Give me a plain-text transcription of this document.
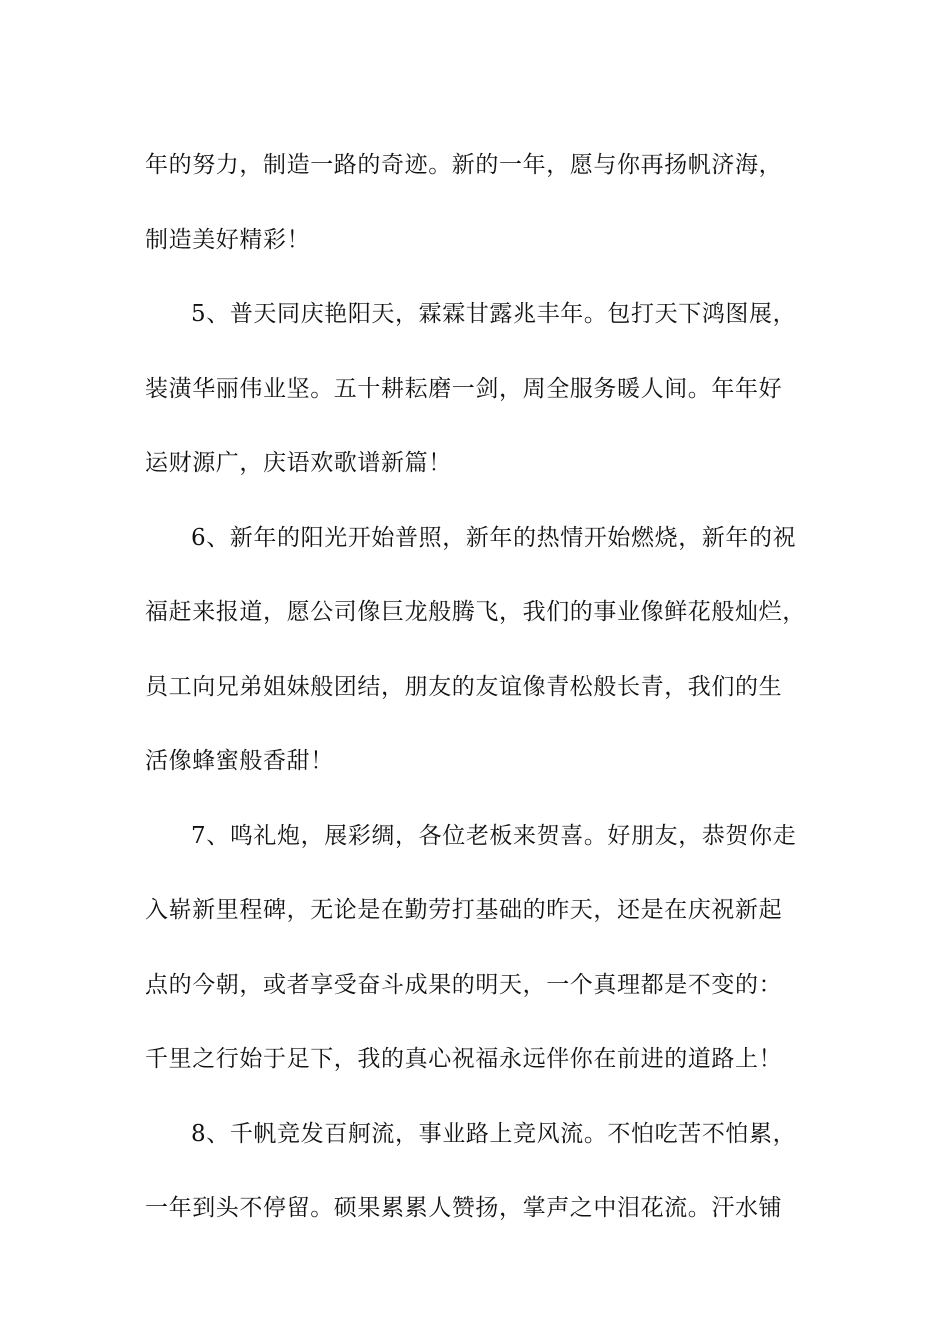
年的努力，制造一路的奇迹。新的一年，愿与你再扬帆济海，
制造美好精彩！
5、普天同庆艳阳天，霖霖甘露兆丰年。包打天下鸿图展，
装潢华丽伟业坚。五十耕耘磨一剑，周全服务暖人间。年年好
运财源广，庆语欢歌谱新篇！
6、新年的阳光开始普照，新年的热情开始燃烧，新年的祝
福赶来报道，愿公司像巨龙般腾飞，我们的事业像鲜花般灿烂，
员工向兄弟姐妹般团结，朋友的友谊像青松般长青，我们的生
活像蜂蜜般香甜！
7、鸣礼炮，展彩绸，各位老板来贺喜。好朋友，恭贺你走
入崭新里程碑，无论是在勤劳打基础的昨天，还是在庆祝新起
点的今朝，或者享受奋斗成果的明天，一个真理都是不变的：
千里之行始于足下，我的真心祝福永远伴你在前进的道路上！
8、千帆竞发百舸流，事业路上竞风流。不怕吃苦不怕累，
一年到头不停留。硕果累累人赞扬，掌声之中泪花流。汗水铺
